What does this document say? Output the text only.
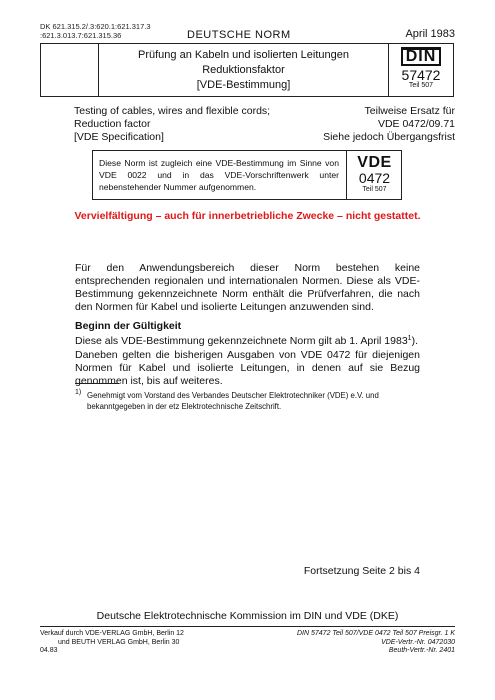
DK 621.315.2/.3:620.1:621.317.3
:621.3.013.7:621.315.36	DEUTSCHE NORM	April 1983
Prüfung an Kabeln und isolierten Leitungen
Reduktionsfaktor
[VDE-Bestimmung]
DIN
57472
Teil 507
Testing of cables, wires and flexible cords;
Reduction factor
[VDE Specification]
Teilweise Ersatz für
VDE 0472/09.71
Siehe jedoch Übergangsfrist
Diese Norm ist zugleich eine VDE-Bestimmung im Sinne von VDE 0022 und in das VDE-Vorschriftenwerk unter nebenstehender Nummer aufgenommen.
VDE
0472
Teil 507
Vervielfältigung – auch für innerbetriebliche Zwecke – nicht gestattet.
Für den Anwendungsbereich dieser Norm bestehen keine entsprechenden regionalen und internationalen Normen. Diese als VDE-Bestimmung gekennzeichnete Norm enthält die Prüfverfahren, die nach den Normen für Kabel und isolierte Leitungen anzuwenden sind.
Beginn der Gültigkeit
Diese als VDE-Bestimmung gekennzeichnete Norm gilt ab 1. April 1983$^1$).
Daneben gelten die bisherigen Ausgaben von VDE 0472 für diejenigen Normen für Kabel und isolierte Leitungen, in denen auf sie Bezug genommen ist, bis auf weiteres.
1) Genehmigt vom Vorstand des Verbandes Deutscher Elektrotechniker (VDE) e.V. und bekanntgegeben in der etz Elektrotechnische Zeitschrift.
Fortsetzung Seite 2 bis 4
Deutsche Elektrotechnische Kommission im DIN und VDE (DKE)
Verkauf durch VDE-VERLAG GmbH, Berlin 12
und BEUTH VERLAG GmbH, Berlin 30
04.83
DIN 57472 Teil 507/VDE 0472 Teil 507 Preisgr. 1 K
VDE-Vertr.-Nr. 0472030
Beuth-Vertr.-Nr. 2401
